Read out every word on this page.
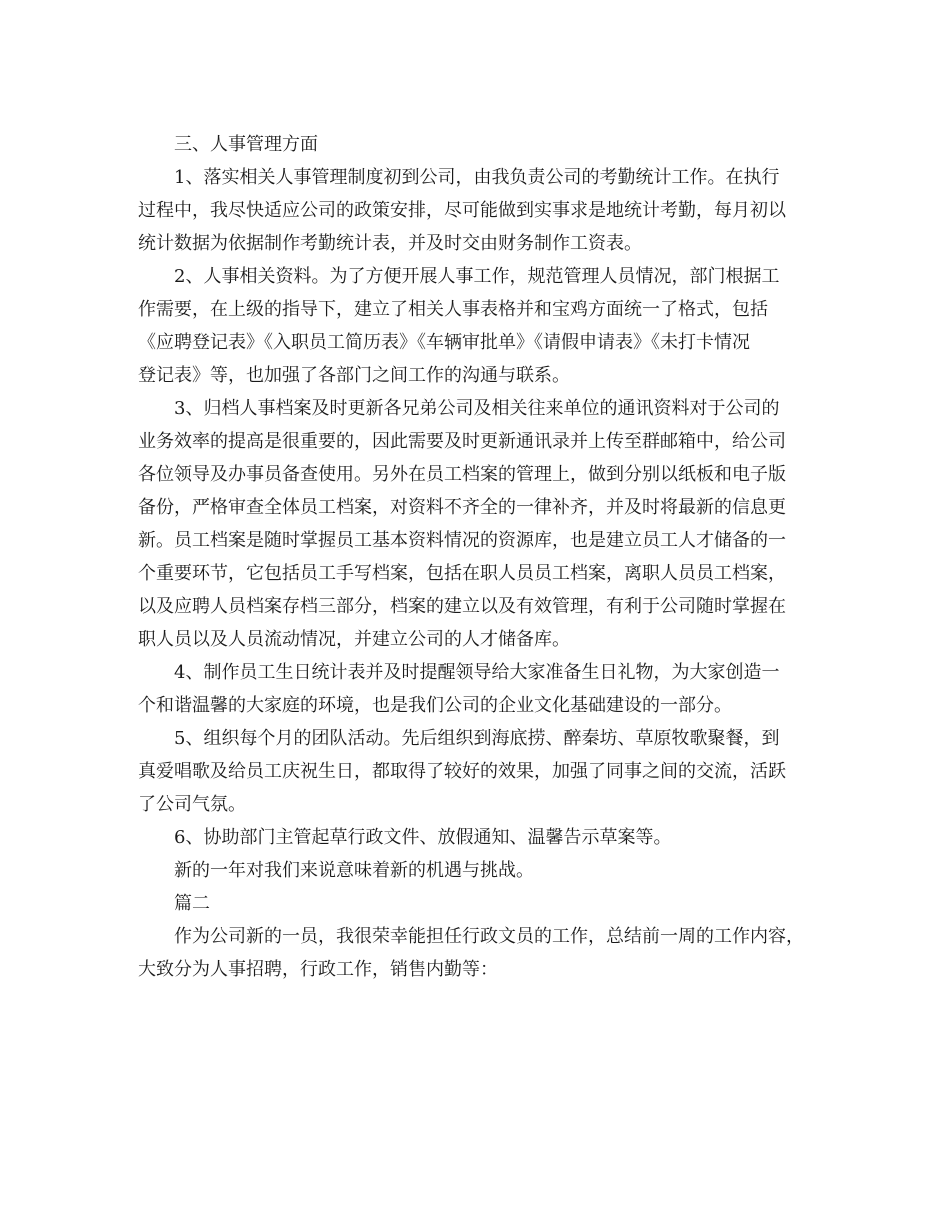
三、人事管理方面
1、落实相关人事管理制度初到公司，由我负责公司的考勤统计工作。在执行
过程中，我尽快适应公司的政策安排，尽可能做到实事求是地统计考勤，每月初以
统计数据为依据制作考勤统计表，并及时交由财务制作工资表。
2、人事相关资料。为了方便开展人事工作，规范管理人员情况，部门根据工
作需要，在上级的指导下，建立了相关人事表格并和宝鸡方面统一了格式，包括
《应聘登记表》《入职员工简历表》《车辆审批单》《请假申请表》《未打卡情况
登记表》等，也加强了各部门之间工作的沟通与联系。
3、归档人事档案及时更新各兄弟公司及相关往来单位的通讯资料对于公司的
业务效率的提高是很重要的，因此需要及时更新通讯录并上传至群邮箱中，给公司
各位领导及办事员备查使用。另外在员工档案的管理上，做到分别以纸板和电子版
备份，严格审查全体员工档案，对资料不齐全的一律补齐，并及时将最新的信息更
新。员工档案是随时掌握员工基本资料情况的资源库，也是建立员工人才储备的一
个重要环节，它包括员工手写档案，包括在职人员员工档案，离职人员员工档案，
以及应聘人员档案存档三部分，档案的建立以及有效管理，有利于公司随时掌握在
职人员以及人员流动情况，并建立公司的人才储备库。
4、制作员工生日统计表并及时提醒领导给大家准备生日礼物，为大家创造一
个和谐温馨的大家庭的环境，也是我们公司的企业文化基础建设的一部分。
5、组织每个月的团队活动。先后组织到海底捞、醉秦坊、草原牧歌聚餐，到
真爱唱歌及给员工庆祝生日，都取得了较好的效果，加强了同事之间的交流，活跃
了公司气氛。
6、协助部门主管起草行政文件、放假通知、温馨告示草案等。
新的一年对我们来说意味着新的机遇与挑战。
篇二
作为公司新的一员，我很荣幸能担任行政文员的工作，总结前一周的工作内容，
大致分为人事招聘，行政工作，销售内勤等：
